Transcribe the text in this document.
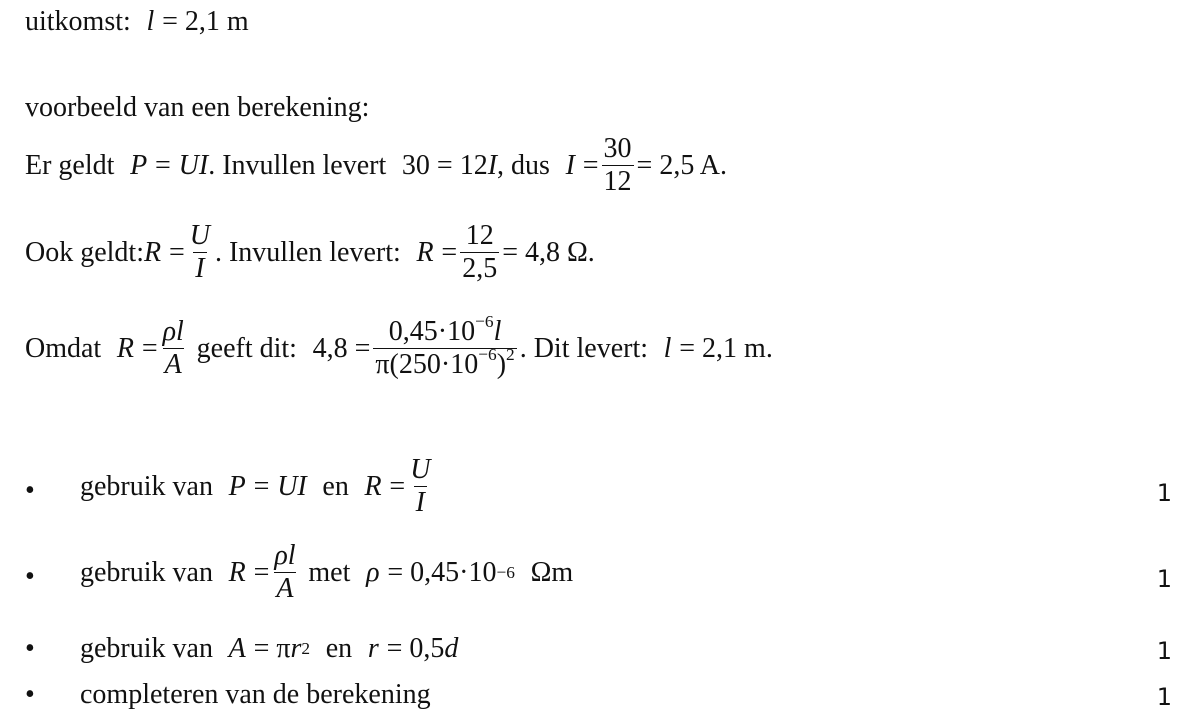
uitkomst: l = 2,1 m
voorbeeld van een berekening:
Er geldt P = UI . Invullen levert 30 = 12 I , dus $I = \frac{30}{12} = 2,5$ A.
Ook geldt: $R = \frac{U}{I}$ . Invullen levert: $R = \frac{12}{2,5} = 4,8$ Ω.
Omdat $R = \frac{\rho l}{A}$ geeft dit: $4,8 = \frac{0,45\cdot 10^{-6}l}{\pi(250\cdot 10^{-6})^2}$ . Dit levert: l = 2,1 m.
•	gebruik van P = UI en $R = \frac{U}{I}$	1
•	gebruik van $R = \frac{\rho l}{A}$ met ρ = 0,45·10 −6 Ωm	1
•	gebruik van A = π r 2 en r = 0,5 d	1
•	completeren van de berekening	1
